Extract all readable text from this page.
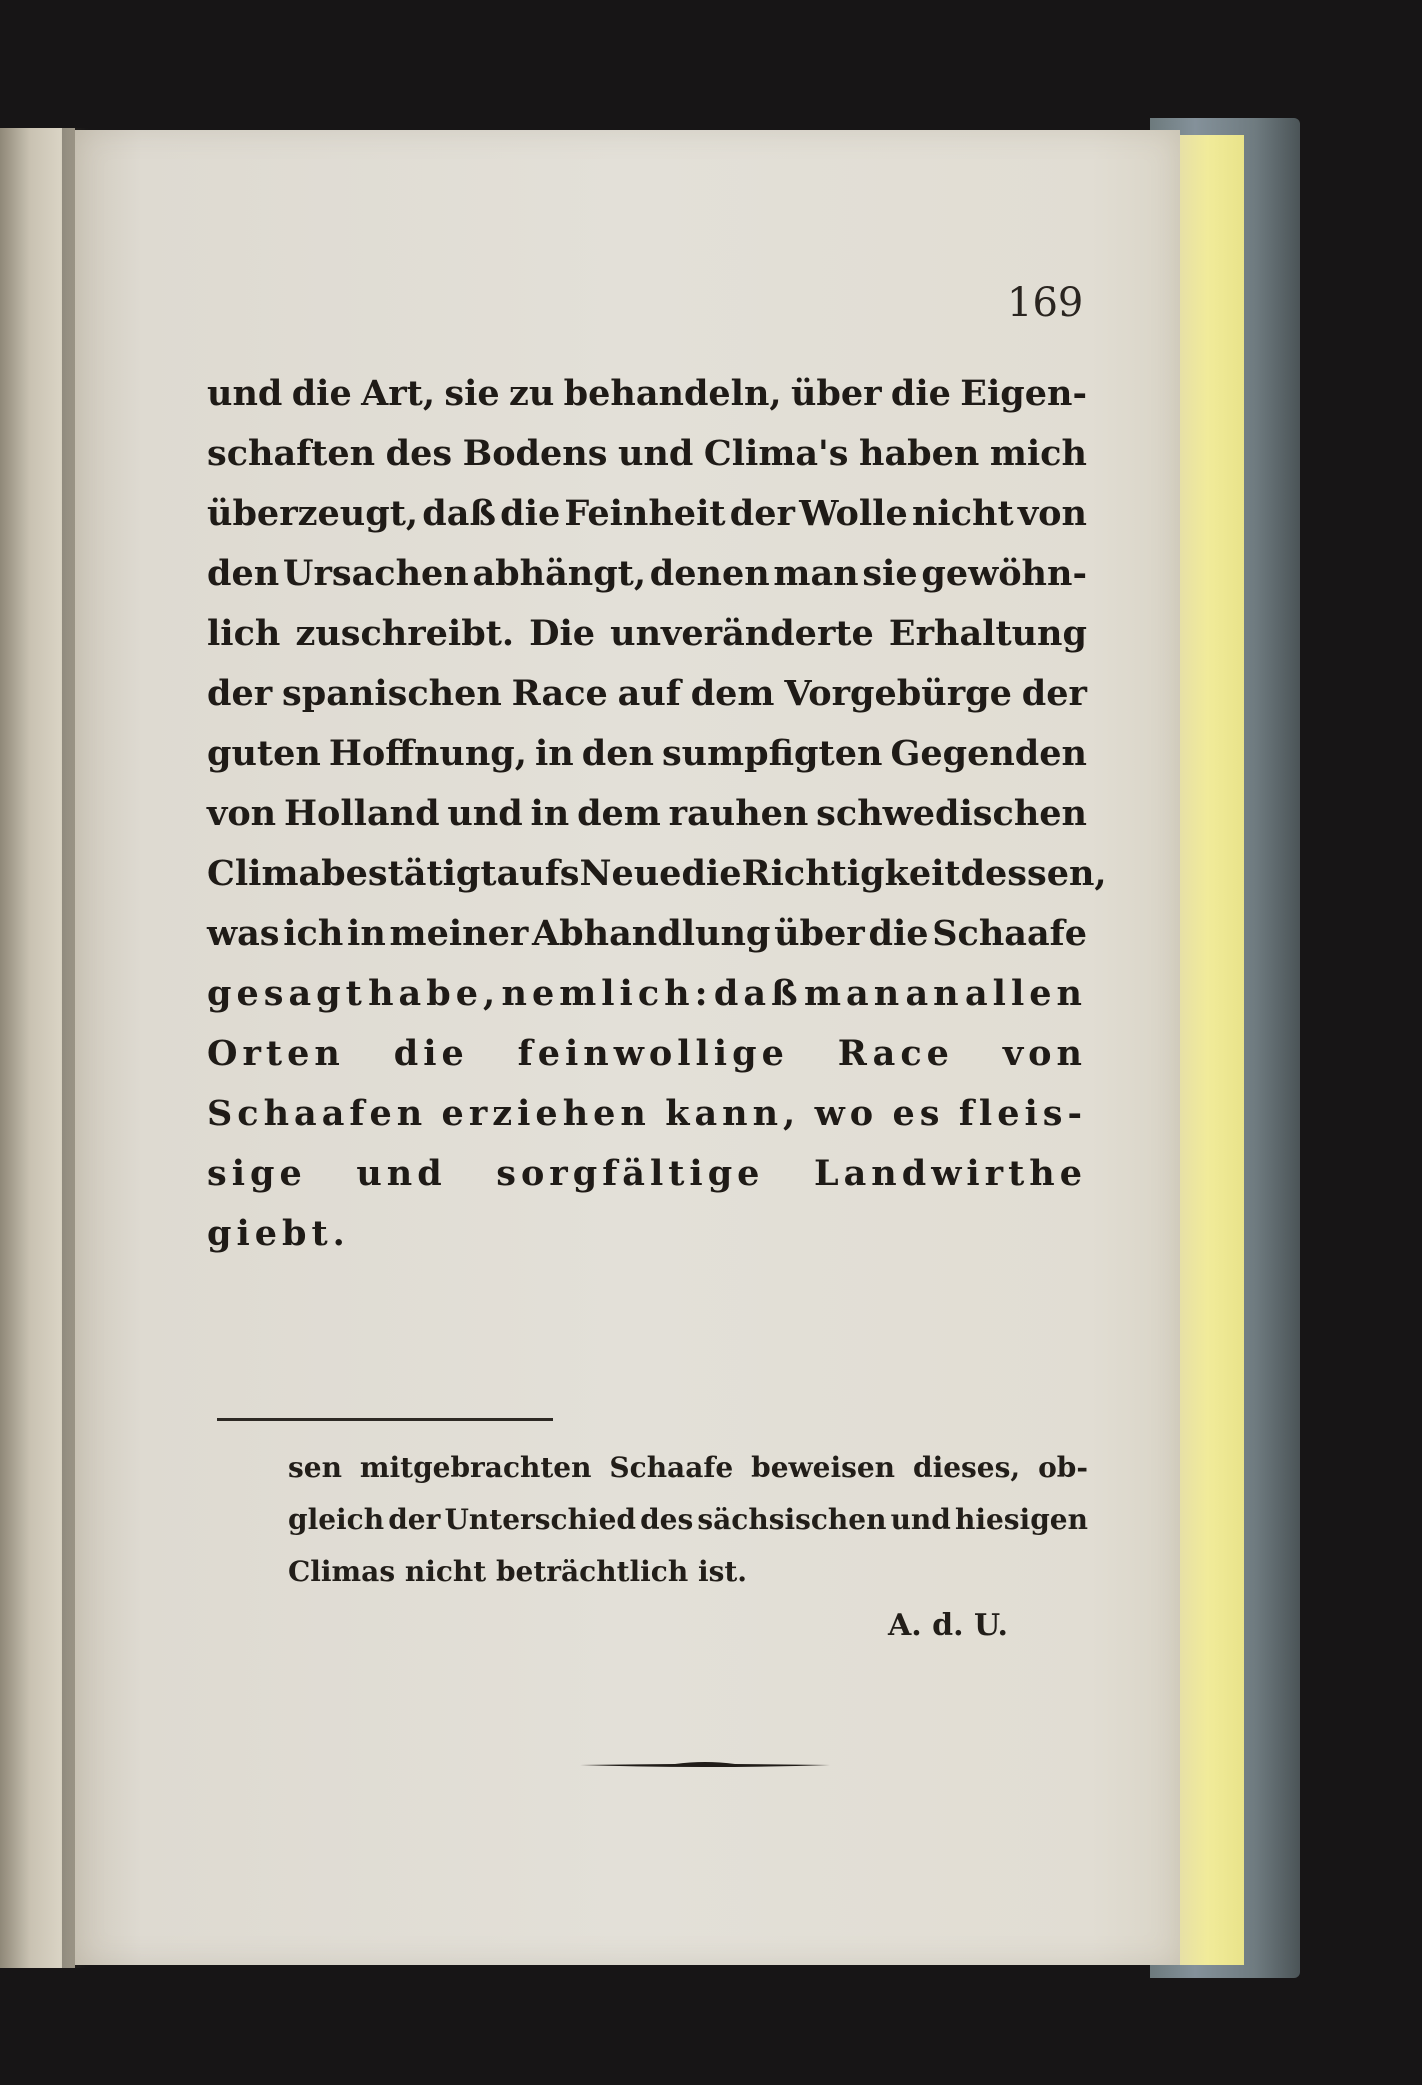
169
und die Art, sie zu behandeln, über die Eigen-
schaften des Bodens und Clima's haben mich
überzeugt, daß die Feinheit der Wolle nicht von
den Ursachen abhängt, denen man sie gewöhn-
lich zuschreibt. Die unveränderte Erhaltung
der spanischen Race auf dem Vorgebürge der
guten Hoffnung, in den sumpfigten Gegenden
von Holland und in dem rauhen schwedischen
Clima bestätigt aufs Neue die Richtigkeit dessen,
was ich in meiner Abhandlung über die Schaafe
gesagt habe, nemlich: daß man an allen
Orten die feinwollige Race von
Schaafen erziehen kann, wo es fleis-
sige und sorgfältige Landwirthe
giebt.
sen mitgebrachten Schaafe beweisen dieses, ob-
gleich der Unterschied des sächsischen und hiesigen
Climas
nicht
beträchtlich
ist.
A. d. U.
